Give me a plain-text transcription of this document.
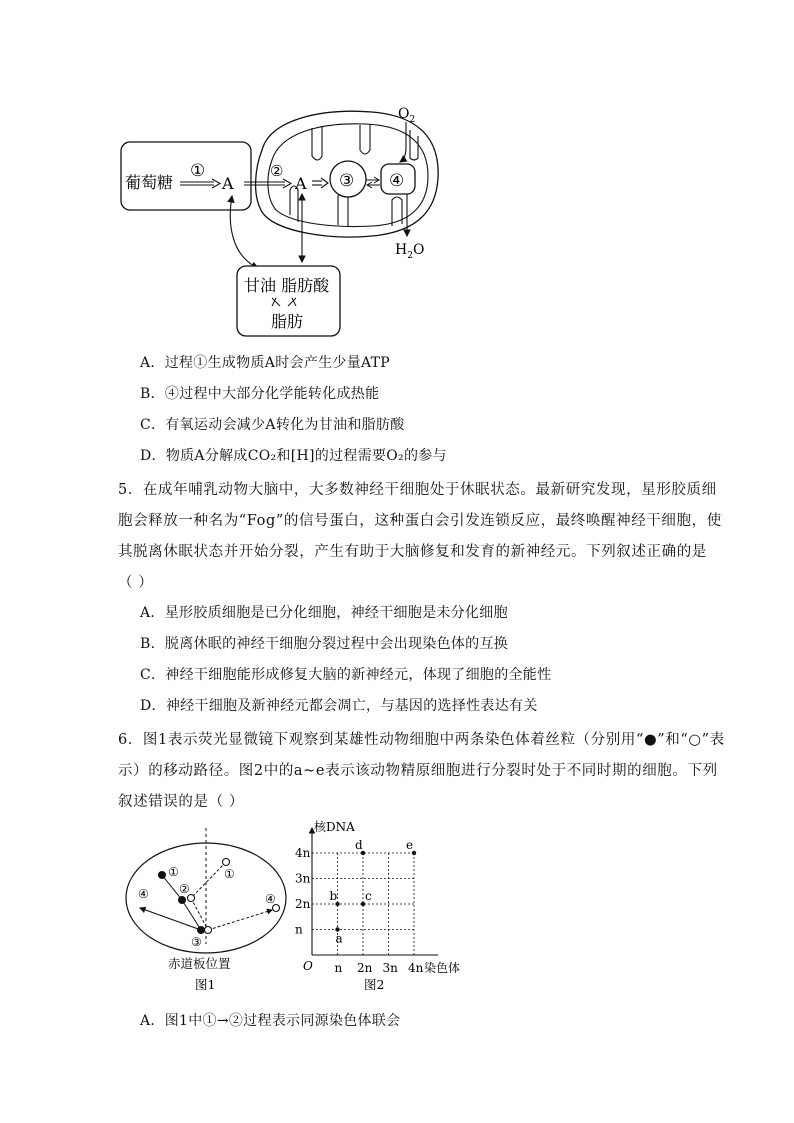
葡萄糖
①
A
②
A ③ ④
$O_2$
$H_2O$
甘油 脂肪酸
脂肪
A．过程①生成物质A时会产生少量ATP
B．④过程中大部分化学能转化成热能
C．有氧运动会减少A转化为甘油和脂肪酸
D．物质A分解成CO₂和[H]的过程需要O₂的参与
5．在成年哺乳动物大脑中，大多数神经干细胞处于休眠状态。最新研究发现，星形胶质细
胞会释放一种名为“Fog”的信号蛋白，这种蛋白会引发连锁反应，最终唤醒神经干细胞，使
其脱离休眠状态并开始分裂，产生有助于大脑修复和发育的新神经元。下列叙述正确的是
（ ）
A．星形胶质细胞是已分化细胞，神经干细胞是未分化细胞
B．脱离休眠的神经干细胞分裂过程中会出现染色体的互换
C．神经干细胞能形成修复大脑的新神经元，体现了细胞的全能性
D．神经干细胞及新神经元都会凋亡，与基因的选择性表达有关
6．图1表示荧光显微镜下观察到某雄性动物细胞中两条染色体着丝粒（分别用“●”和“○”表
示）的移动路径。图2中的a~e表示该动物精原细胞进行分裂时处于不同时期的细胞。下列
叙述错误的是（ ）
①
②
④
①
④
③
赤道板位置
图1
n
2n
3n
4n
n 2n 3n 4n
a
b c
d	e
核DNA
染色体
O
图2
A．图1中①→②过程表示同源染色体联会
